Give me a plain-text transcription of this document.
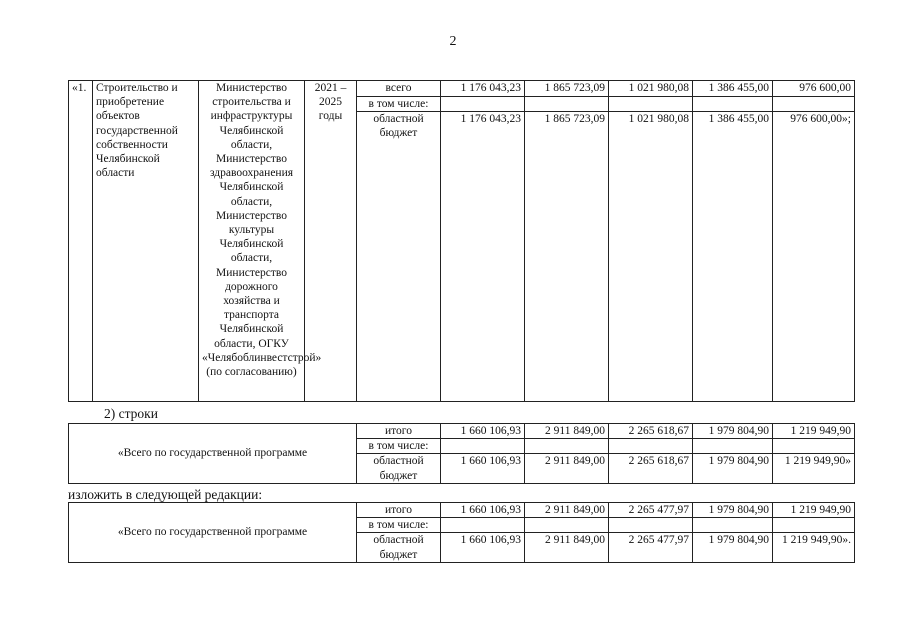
2
«1.	Строительство и приобретение объектов государственной собственности Челябинской области	Министерство строительства и инфраструктуры Челябинской области, Министерство здравоохранения Челябинской области, Министерство культуры Челябинской области, Министерство дорожного хозяйства и транспорта Челябинской области, ОГКУ «Челябоблинвестстрой» (по согласованию)	2021 – 2025 годы	всего	1 176 043,23	1 865 723,09	1 021 980,08	1 386 455,00	976 600,00
				в том числе:					
				областной бюджет	1 176 043,23	1 865 723,09	1 021 980,08	1 386 455,00	976 600,00»;
2) строки
«Всего по государственной программе	итого	1 660 106,93	2 911 849,00	2 265 618,67	1 979 804,90	1 219 949,90
	в том числе:					
	областной бюджет	1 660 106,93	2 911 849,00	2 265 618,67	1 979 804,90	1 219 949,90»
изложить в следующей редакции:
«Всего по государственной программе	итого	1 660 106,93	2 911 849,00	2 265 477,97	1 979 804,90	1 219 949,90
	в том числе:					
	областной бюджет	1 660 106,93	2 911 849,00	2 265 477,97	1 979 804,90	1 219 949,90».
